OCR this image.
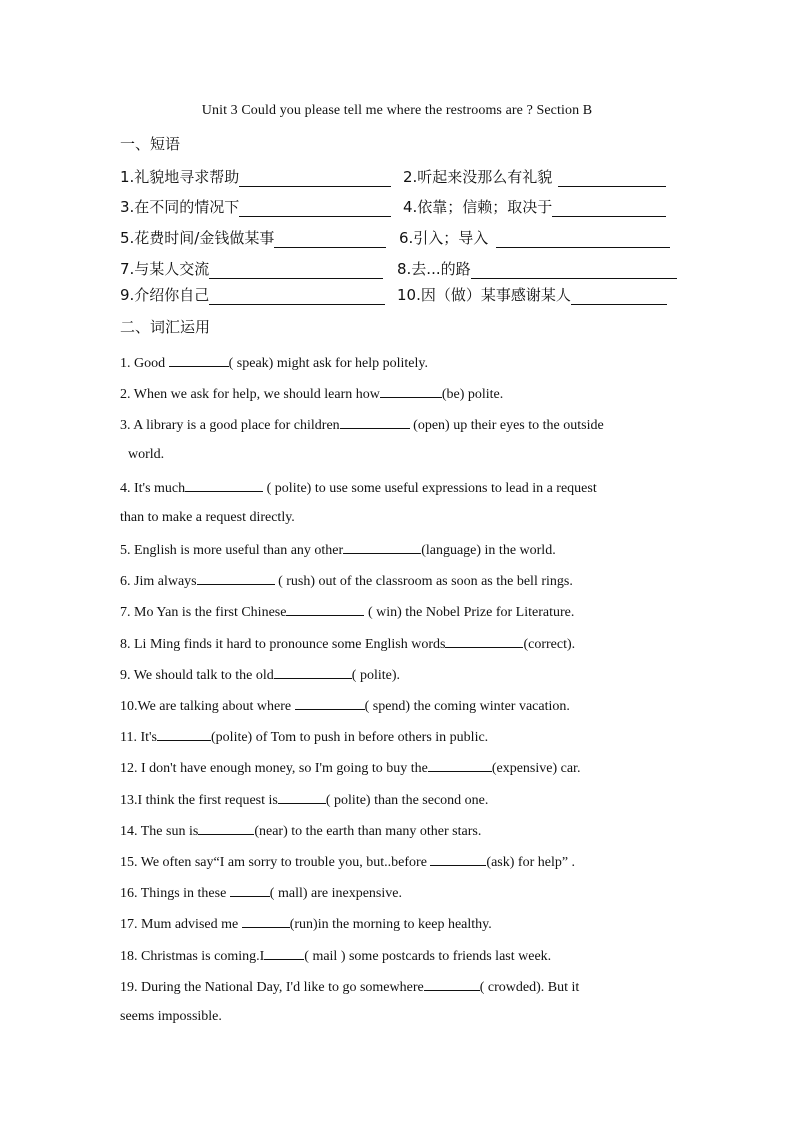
Unit 3 Could you please tell me where the restrooms are ? Section B
一、短语
1.礼貌地寻求帮助	2.听起来没那么有礼貌
3.在不同的情况下	4.依靠；信赖；取决于
5.花费时间/金钱做某事	6.引入；导入
7.与某人交流	8.去...的路
9.介绍你自己	10.因（做）某事感谢某人
二、词汇运用
1. Good	( speak) might ask for help politely.
2. When we ask for help, we should learn how	(be) polite.
3. A library is a good place for children	(open) up their eyes to the outside
world.
4. It's much	( polite) to use some useful expressions to lead in a request
than to make a request directly.
5. English is more useful than any other	(language) in the world.
6. Jim always	( rush) out of the classroom as soon as the bell rings.
7. Mo Yan is the first Chinese	( win) the Nobel Prize for Literature.
8. Li Ming finds it hard to pronounce some English words	(correct).
9. We should talk to the old	( polite).
10.We are talking about where	( spend) the coming winter vacation.
11. It's	(polite) of Tom to push in before others in public.
12. I don't have enough money, so I'm going to buy the	(expensive) car.
13.I think the first request is	( polite) than the second one.
14. The sun is	(near) to the earth than many other stars.
15. We often say“I am sorry to trouble you, but..before	(ask) for help” .
16. Things in these	( mall) are inexpensive.
17. Mum advised me	(run)in the morning to keep healthy.
18. Christmas is coming.I	( mail ) some postcards to friends last week.
19. During the National Day, I'd like to go somewhere	( crowded). But it
seems impossible.
